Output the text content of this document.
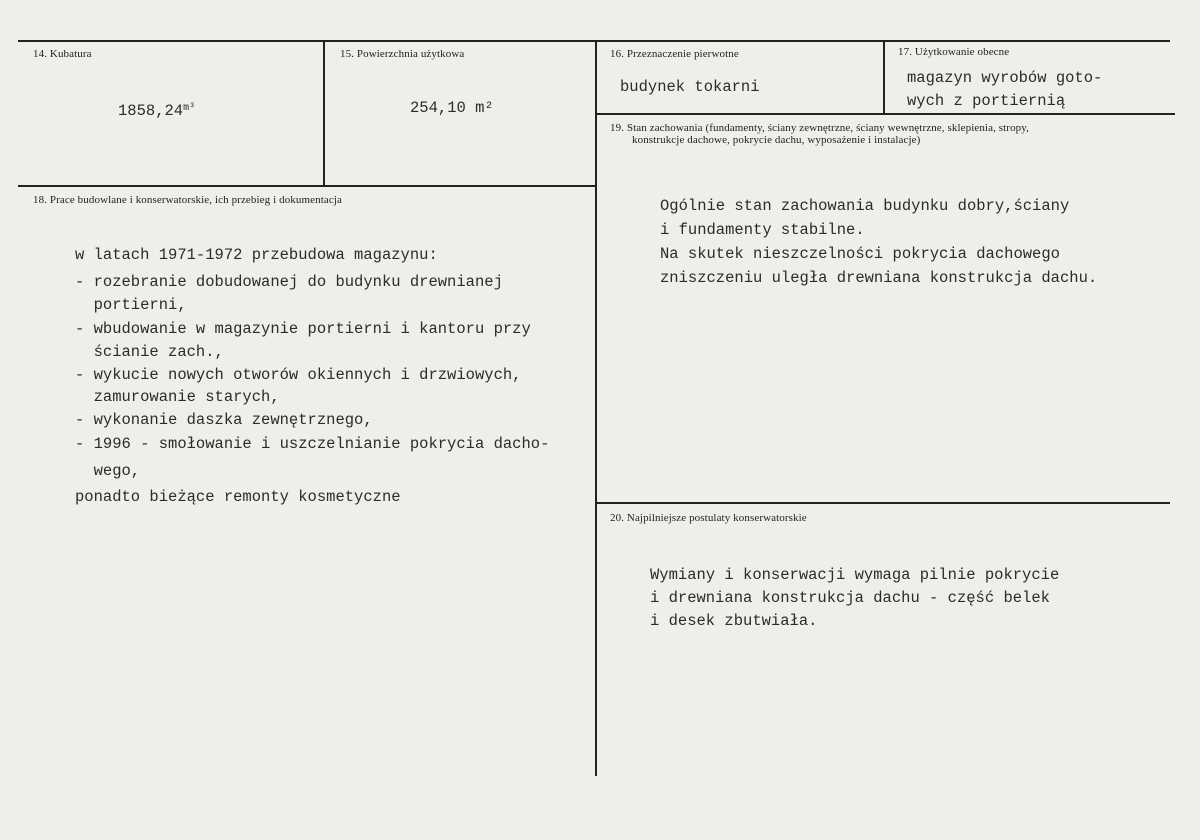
14. Kubatura
$1858,24^{m^3}$
15. Powierzchnia użytkowa
254,10 m²
16. Przeznaczenie pierwotne
budynek tokarni
17. Użytkowanie obecne
magazyn wyrobów goto-
wych z portiernią
19. Stan zachowania (fundamenty, ściany zewnętrzne, ściany wewnętrzne, sklepienia, stropy,
konstrukcje dachowe, pokrycie dachu, wyposażenie i instalacje)
Ogólnie stan zachowania budynku dobry,ściany
i fundamenty stabilne.
Na skutek nieszczelności pokrycia dachowego
zniszczeniu uległa drewniana konstrukcja dachu.
18. Prace budowlane i konserwatorskie, ich przebieg i dokumentacja
w latach 1971-1972 przebudowa magazynu:
- rozebranie dobudowanej do budynku drewnianej
portierni,
- wbudowanie w magazynie portierni i kantoru przy
ścianie zach.,
- wykucie nowych otworów okiennych i drzwiowych,
zamurowanie starych,
- wykonanie daszka zewnętrznego,
- 1996 - smołowanie i uszczelnianie pokrycia dacho-
wego,
ponadto bieżące remonty kosmetyczne
20. Najpilniejsze postulaty konserwatorskie
Wymiany i konserwacji wymaga pilnie pokrycie
i drewniana konstrukcja dachu - część belek
i desek zbutwiała.
